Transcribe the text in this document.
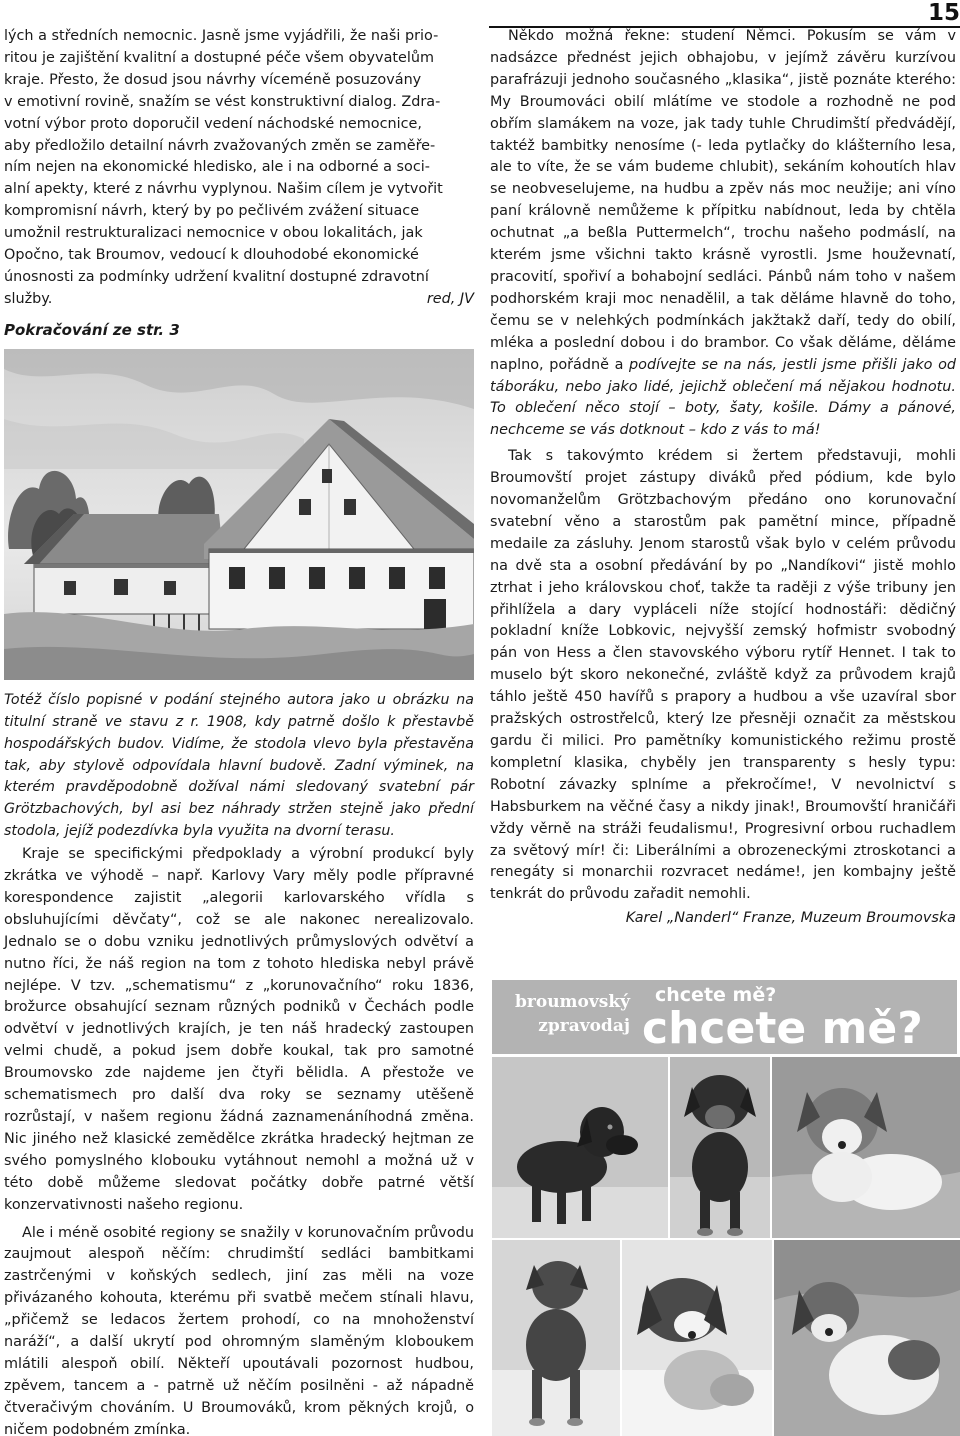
15

lých a středních nemocnic. Jasně jsme vyjádřili, že naši prio-

ritou je zajištění kvalitní a dostupné péče všem obyvatelům

kraje. Přesto, že dosud jsou návrhy víceméně posuzovány

v emotivní rovině, snažím se vést konstruktivní dialog. Zdra-

votní výbor proto doporučil vedení náchodské nemocnice,

aby předložilo detailní návrh zvažovaných změn se zaměře-

ním nejen na ekonomické hledisko, ale i na odborné a soci-

alní apekty, které z návrhu vyplynou. Našim cílem je vytvořit

kompromisní návrh, který by po pečlivém zvážení situace

umožnil restrukturalizaci nemocnice v obou lokalitách, jak

Opočno, tak Broumov, vedoucí k dlouhodobé ekonomické

únosnosti za podmínky udržení kvalitní dostupné zdravotní

služby.	red, JV
Pokračování ze str. 3
Totéž číslo popisné v podání stejného autora jako u obrázku na titulní straně ve stavu z r. 1908, kdy patrně došlo k přestavbě hospodářských budov. Vidíme, že stodola vlevo byla přestavěna tak, aby stylově odpovídala hlavní budově. Zadní výminek, na kterém pravděpodobně dožíval námi sledovaný svatební pár Grötzbachových, byl asi bez náhrady stržen stejně jako přední stodola, jejíž podezdívka byla využita na dvorní terasu.

Kraje se specifickými předpoklady a výrobní produkcí byly zkrátka ve výhodě – např. Karlovy Vary měly podle přípravné korespondence zajistit „alegorii karlovarského vřídla s obsluhujícími děvčaty“, což se ale nakonec nerealizovalo. Jednalo se o dobu vzniku jednotlivých průmyslových odvětví a nutno říci, že náš region na tom z tohoto hlediska nebyl právě nejlépe. V tzv. „schematismu“ z „korunovačního“ roku 1836, brožurce obsahující seznam různých podniků v Čechách podle odvětví v jednotlivých krajích, je ten náš hradecký zastoupen velmi chudě, a pokud jsem dobře koukal, tak pro samotné Broumovsko zde najdeme jen čtyři bělidla. A přestože ve schematismech pro další dva roky se seznamy utěšeně rozrůstají, v našem regionu žádná zaznamenáníhodná změna. Nic jiného než klasické zemědělce zkrátka hradecký hejtman ze svého pomyslného klobouku vytáhnout nemohl a možná už v této době můžeme sledovat počátky dobře patrné větší konzervativnosti našeho regionu.

Ale i méně osobité regiony se snažily v korunovačním průvodu zaujmout alespoň něčím: chrudimští sedláci bambitkami zastrčenými v koňských sedlech, jiní zas měli na voze přivázaného kohouta, kterému při svatbě mečem stínali hlavu, „přičemž se ledacos žertem prohodí, co na mnohoženství naráží“, a další ukrytí pod ohromným slaměným kloboukem mlátili alespoň obilí. Někteří upoutávali pozornost hudbou, zpěvem, tancem a - patrně už něčím posilněni - až nápadně čtveračivým chováním. U Broumováků, krom pěkných krojů, o ničem podobném zmínka.

Někdo možná řekne: studení Němci. Pokusím se vám v nadsázce přednést jejich obhajobu, v jejímž závěru kurzívou parafrázuji jednoho současného „klasika“, jistě poznáte kterého: My Broumováci obilí mlátíme ve stodole a rozhodně ne pod obřím slamákem na voze, jak tady tuhle Chrudimští předvádějí, taktéž bambitky nenosíme (- leda pytlačky do klášterního lesa, ale to víte, že se vám budeme chlubit), sekáním kohoutích hlav se neobveselujeme, na hudbu a zpěv nás moc neužije; ani víno paní královně nemůžeme k přípitku nabídnout, leda by chtěla ochutnat „a beßla Puttermelch“, trochu našeho podmáslí, na kterém jsme všichni takto krásně vyrostli. Jsme houževnatí, pracovití, spořiví a bohabojní sedláci. Pánbů nám toho v našem podhorském kraji moc nenadělil, a tak děláme hlavně do toho, čemu se v nelehkých podmínkách jakžtakž daří, tedy do obilí, mléka a poslední dobou i do brambor. Co však děláme, děláme naplno, pořádně a podívejte se na nás, jestli jsme přišli jako od táboráku, nebo jako lidé, jejichž oblečení má nějakou hodnotu. To oblečení něco stojí – boty, šaty, košile. Dámy a pánové, nechceme se vás dotknout – kdo z vás to má!

Tak s takovýmto krédem si žertem představuji, mohli Broumovští projet zástupy diváků před pódium, kde bylo novomanželům Grötzbachovým předáno ono korunovační svatební věno a starostům pak pamětní mince, případně medaile za zásluhy. Jenom starostů však bylo v celém průvodu na dvě sta a osobní předávání by po „Nandíkovi“ jistě mohlo ztrhat i jeho královskou choť, takže ta raději z výše tribuny jen přihlížela a dary vypláceli níže stojící hodnostáři: dědičný pokladní kníže Lobkovic, nejvyšší zemský hofmistr svobodný pán von Hess a člen stavovského výboru rytíř Hennet. I tak to muselo být skoro nekonečné, zvláště když za průvodem krajů táhlo ještě 450 havířů s prapory a hudbou a vše uzavíral sbor pražských ostrostřelců, který lze přesněji označit za městskou gardu či milici. Pro pamětníky komunistického režimu prostě kompletní klasika, chyběly jen transparenty s hesly typu: Robotní závazky splníme a překročíme!, V nevolnictví s Habsburkem na věčné časy a nikdy jinak!, Broumovští hraničáři vždy věrně na stráži feudalismu!, Progresivní orbou ruchadlem za světový mír! či: Liberálními a obrozeneckými ztroskotanci a renegáty si monarchii rozvracet nedáme!, jen kombajny ještě tenkrát do průvodu zařadit nemohli.

Karel „Nanderl“ Franze, Muzeum Broumovska

broumovský
zpravodaj
chcete mě?
chcete mě?
